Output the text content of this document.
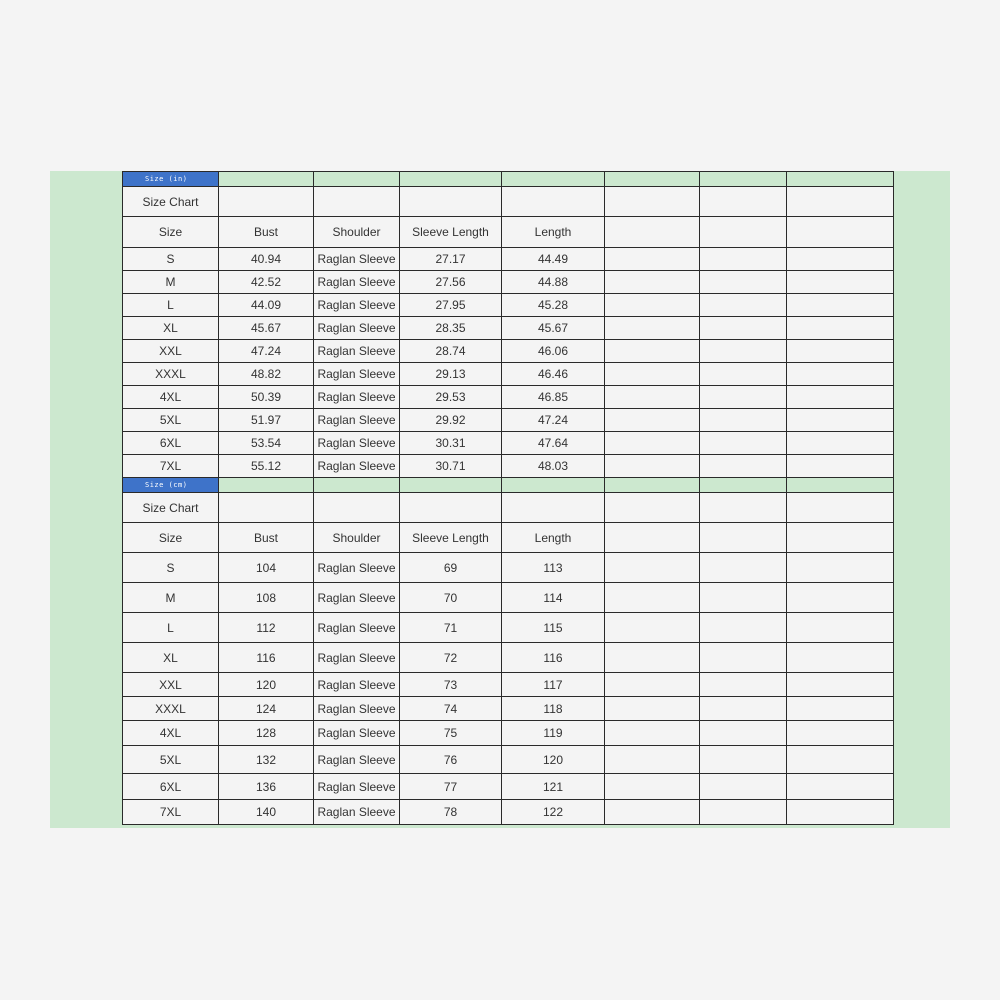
Size (in)							
Size Chart							
Size	Bust	Shoulder	Sleeve Length	Length			
S	40.94	Raglan Sleeve	27.17	44.49			
M	42.52	Raglan Sleeve	27.56	44.88			
L	44.09	Raglan Sleeve	27.95	45.28			
XL	45.67	Raglan Sleeve	28.35	45.67			
XXL	47.24	Raglan Sleeve	28.74	46.06			
XXXL	48.82	Raglan Sleeve	29.13	46.46			
4XL	50.39	Raglan Sleeve	29.53	46.85			
5XL	51.97	Raglan Sleeve	29.92	47.24			
6XL	53.54	Raglan Sleeve	30.31	47.64			
7XL	55.12	Raglan Sleeve	30.71	48.03			
Size (cm)							
Size Chart							
Size	Bust	Shoulder	Sleeve Length	Length			
S	104	Raglan Sleeve	69	113			
M	108	Raglan Sleeve	70	114			
L	112	Raglan Sleeve	71	115			
XL	116	Raglan Sleeve	72	116			
XXL	120	Raglan Sleeve	73	117			
XXXL	124	Raglan Sleeve	74	118			
4XL	128	Raglan Sleeve	75	119			
5XL	132	Raglan Sleeve	76	120			
6XL	136	Raglan Sleeve	77	121			
7XL	140	Raglan Sleeve	78	122			
